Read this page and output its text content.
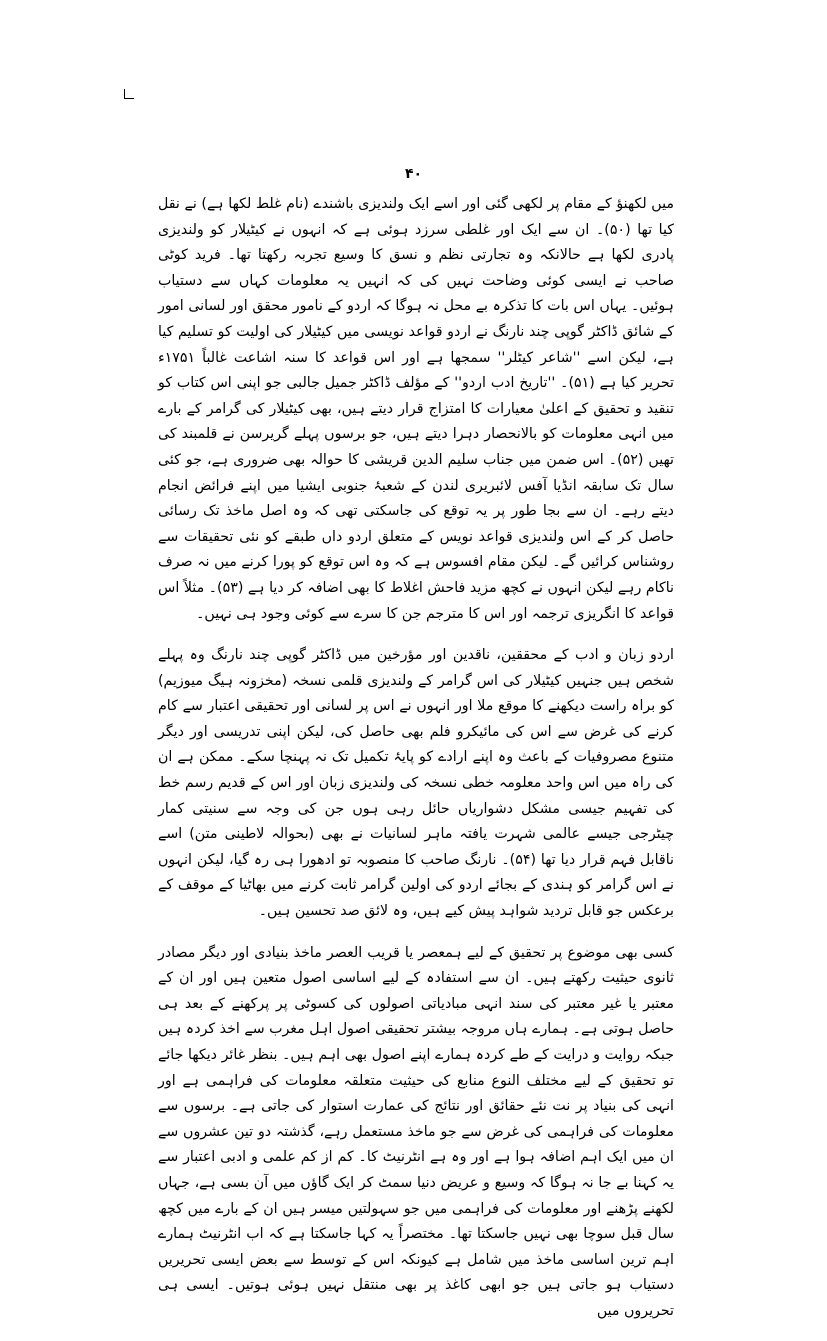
۴۰

میں لکھنؤ کے مقام پر لکھی گئی اور اسے ایک ولندیزی باشندے (نام غلط لکھا ہے) نے نقل کیا تھا (۵۰)۔ ان سے ایک اور غلطی سرزد ہوئی ہے کہ انہوں نے کیٹیلار کو ولندیزی پادری لکھا ہے حالانکہ وہ تجارتی نظم و نسق کا وسیع تجربہ رکھتا تھا۔ فرید کوٹی صاحب نے ایسی کوئی وضاحت نہیں کی کہ انہیں یہ معلومات کہاں سے دستیاب ہوئیں۔ یہاں اس بات کا تذکرہ بے محل نہ ہوگا کہ اردو کے نامور محقق اور لسانی امور کے شائق ڈاکٹر گوپی چند نارنگ نے اردو قواعد نویسی میں کیٹیلار کی اولیت کو تسلیم کیا ہے، لیکن اسے ''شاعر کیٹلر'' سمجھا ہے اور اس قواعد کا سنہ اشاعت غالباً ۱۷۵۱ء تحریر کیا ہے (۵۱)۔ ''تاریخ ادب اردو'' کے مؤلف ڈاکٹر جمیل جالبی جو اپنی اس کتاب کو تنقید و تحقیق کے اعلیٰ معیارات کا امتزاج قرار دیتے ہیں، بھی کیٹیلار کی گرامر کے بارے میں انہی معلومات کو بالانحصار دہرا دیتے ہیں، جو برسوں پہلے گریرسن نے قلمبند کی تھیں (۵۲)۔ اس ضمن میں جناب سلیم الدین قریشی کا حوالہ بھی ضروری ہے، جو کئی سال تک سابقہ انڈیا آفس لائبریری لندن کے شعبۂ جنوبی ایشیا میں اپنے فرائض انجام دیتے رہے۔ ان سے بجا طور پر یہ توقع کی جاسکتی تھی کہ وہ اصل ماخذ تک رسائی حاصل کر کے اس ولندیزی قواعد نویس کے متعلق اردو داں طبقے کو نئی تحقیقات سے روشناس کرائیں گے۔ لیکن مقام افسوس ہے کہ وہ اس توقع کو پورا کرنے میں نہ صرف ناکام رہے لیکن انہوں نے کچھ مزید فاحش اغلاط کا بھی اضافہ کر دیا ہے (۵۳)۔ مثلاً اس قواعد کا انگریزی ترجمہ اور اس کا مترجم جن کا سرے سے کوئی وجود ہی نہیں۔

اردو زبان و ادب کے محققین، ناقدین اور مؤرخین میں ڈاکٹر گوپی چند نارنگ وہ پہلے شخص ہیں جنہیں کیٹیلار کی اس گرامر کے ولندیزی قلمی نسخہ (مخزونہ ہیگ میوزیم) کو براہ راست دیکھنے کا موقع ملا اور انہوں نے اس پر لسانی اور تحقیقی اعتبار سے کام کرنے کی غرض سے اس کی مائیکرو فلم بھی حاصل کی، لیکن اپنی تدریسی اور دیگر متنوع مصروفیات کے باعث وہ اپنے ارادے کو پایۂ تکمیل تک نہ پہنچا سکے۔ ممکن ہے ان کی راہ میں اس واحد معلومہ خطی نسخہ کی ولندیزی زبان اور اس کے قدیم رسم خط کی تفہیم جیسی مشکل دشواریاں حائل رہی ہوں جن کی وجہ سے سنیتی کمار چیٹرجی جیسے عالمی شہرت یافتہ ماہر لسانیات نے بھی (بحوالہ لاطینی متن) اسے ناقابل فہم قرار دیا تھا (۵۴)۔ نارنگ صاحب کا منصوبہ تو ادھورا ہی رہ گیا، لیکن انہوں نے اس گرامر کو ہندی کے بجائے اردو کی اولین گرامر ثابت کرنے میں بھاٹیا کے موقف کے برعکس جو قابل تردید شواہد پیش کیے ہیں، وہ لائق صد تحسین ہیں۔

کسی بھی موضوع پر تحقیق کے لیے ہمعصر یا قریب العصر ماخذ بنیادی اور دیگر مصادر ثانوی حیثیت رکھتے ہیں۔ ان سے استفادہ کے لیے اساسی اصول متعین ہیں اور ان کے معتبر یا غیر معتبر کی سند انہی مبادیاتی اصولوں کی کسوٹی پر پرکھنے کے بعد ہی حاصل ہوتی ہے۔ ہمارے ہاں مروجہ بیشتر تحقیقی اصول اہل مغرب سے اخذ کردہ ہیں جبکہ روایت و درایت کے طے کردہ ہمارے اپنے اصول بھی اہم ہیں۔ بنظر غائر دیکھا جائے تو تحقیق کے لیے مختلف النوع منابع کی حیثیت متعلقہ معلومات کی فراہمی ہے اور انہی کی بنیاد پر نت نئے حقائق اور نتائج کی عمارت استوار کی جاتی ہے۔ برسوں سے معلومات کی فراہمی کی غرض سے جو ماخذ مستعمل رہے، گذشتہ دو تین عشروں سے ان میں ایک اہم اضافہ ہوا ہے اور وہ ہے انٹرنیٹ کا۔ کم از کم علمی و ادبی اعتبار سے یہ کہنا بے جا نہ ہوگا کہ وسیع و عریض دنیا سمٹ کر ایک گاؤں میں آن بسی ہے، جہاں لکھنے پڑھنے اور معلومات کی فراہمی میں جو سہولتیں میسر ہیں ان کے بارے میں کچھ سال قبل سوچا بھی نہیں جاسکتا تھا۔ مختصراً یہ کہا جاسکتا ہے کہ اب انٹرنیٹ ہمارے اہم ترین اساسی ماخذ میں شامل ہے کیونکہ اس کے توسط سے بعض ایسی تحریریں دستیاب ہو جاتی ہیں جو ابھی کاغذ پر بھی منتقل نہیں ہوئی ہوتیں۔ ایسی ہی تحریروں میں
